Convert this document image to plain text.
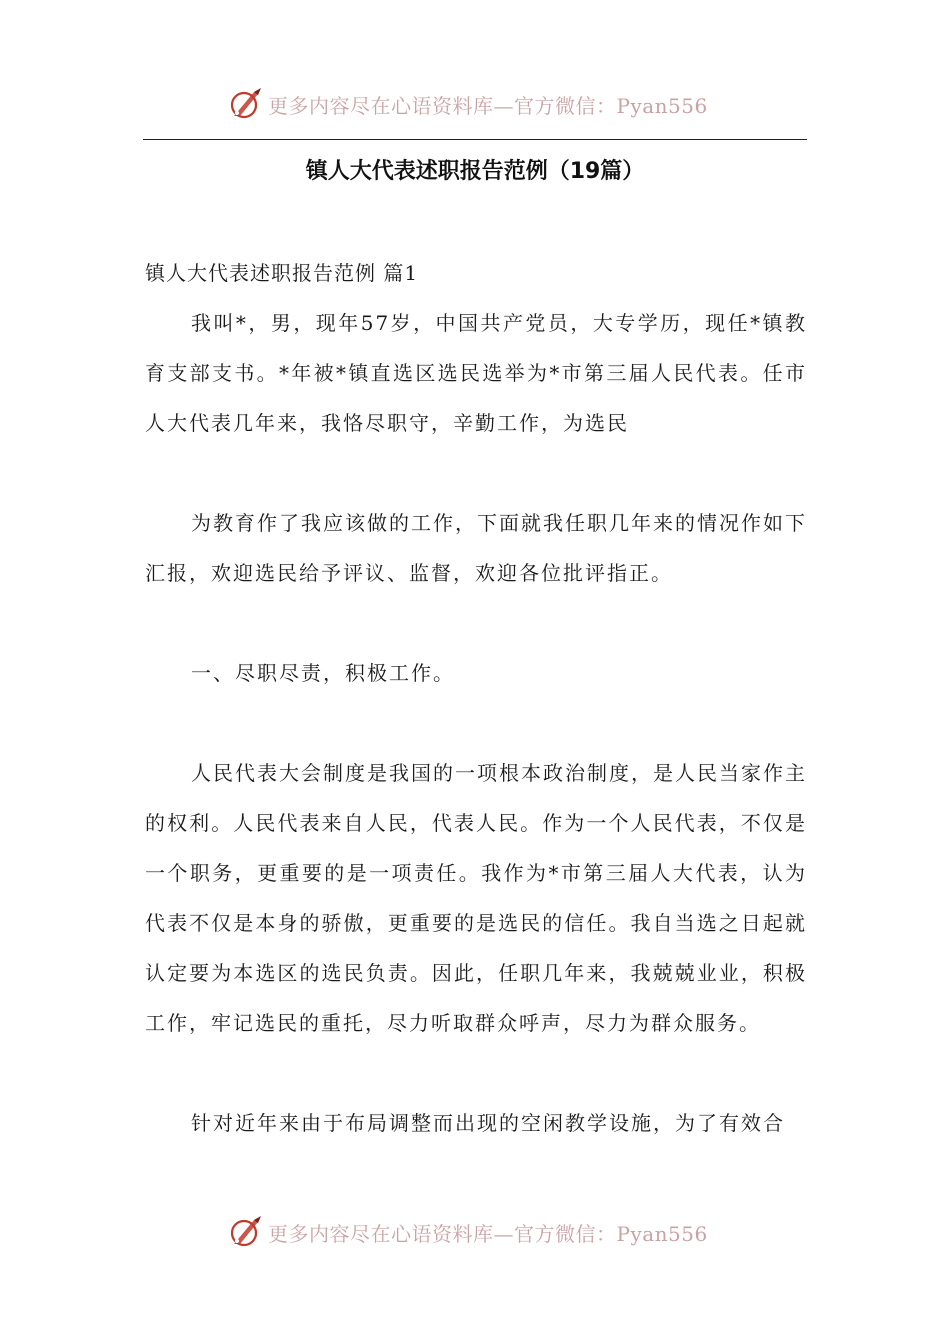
更多内容尽在心语资料库—官方微信：Pyan556
镇人大代表述职报告范例（19篇）

镇人大代表述职报告范例 篇1

我叫*，男，现年57岁，中国共产党员，大专学历，现任*镇教育支部支书。*年被*镇直选区选民选举为*市第三届人民代表。任市人大代表几年来，我恪尽职守，辛勤工作，为选民

为教育作了我应该做的工作，下面就我任职几年来的情况作如下汇报，欢迎选民给予评议、监督，欢迎各位批评指正。

一、尽职尽责，积极工作。

人民代表大会制度是我国的一项根本政治制度，是人民当家作主的权利。人民代表来自人民，代表人民。作为一个人民代表，不仅是一个职务，更重要的是一项责任。我作为*市第三届人大代表，认为代表不仅是本身的骄傲，更重要的是选民的信任。我自当选之日起就认定要为本选区的选民负责。因此，任职几年来，我兢兢业业，积极工作，牢记选民的重托，尽力听取群众呼声，尽力为群众服务。

针对近年来由于布局调整而出现的空闲教学设施，为了有效合

更多内容尽在心语资料库—官方微信：Pyan556
